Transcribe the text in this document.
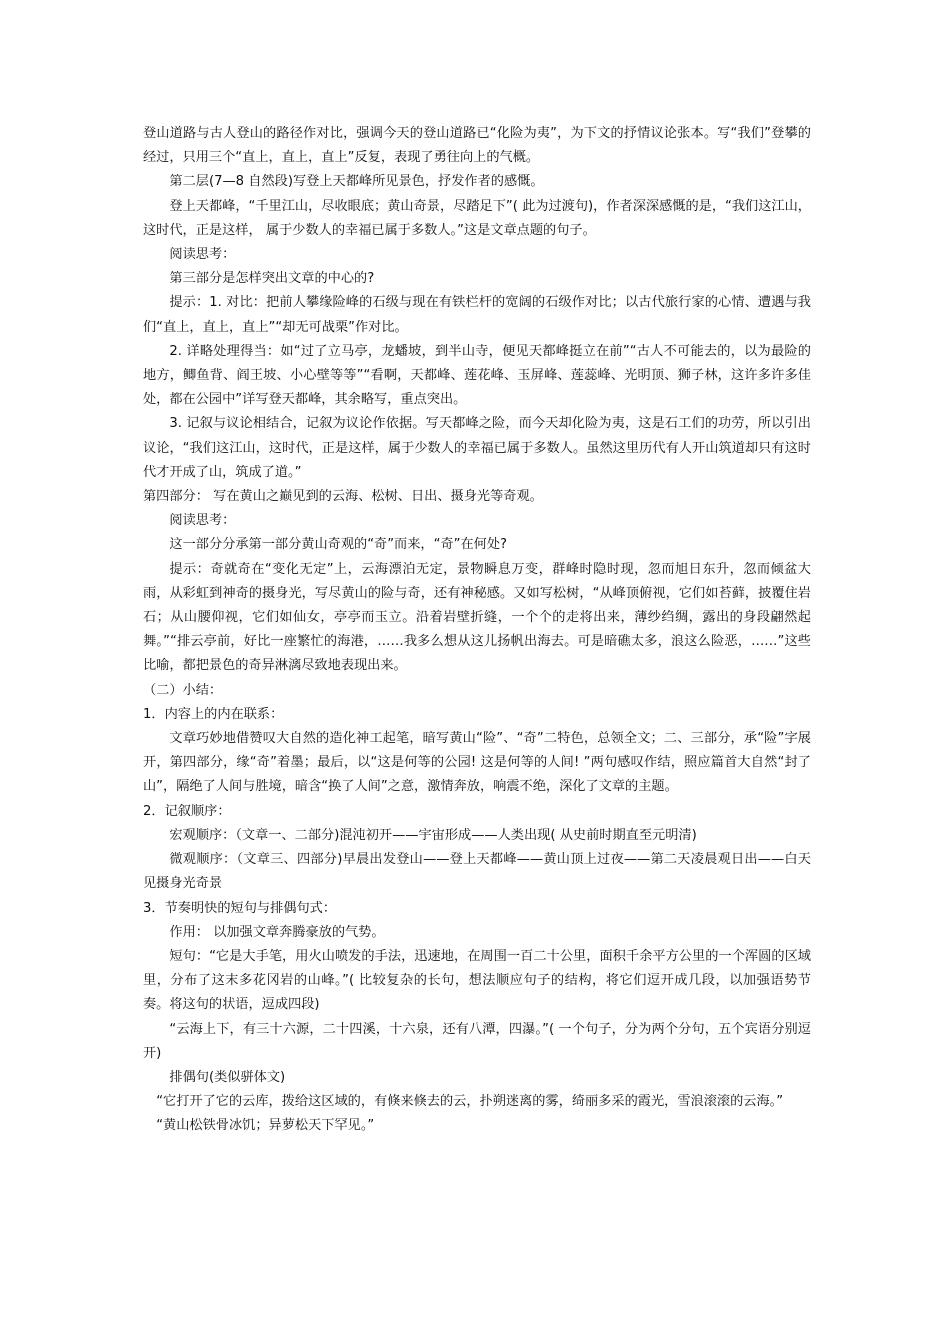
登山道路与古人登山的路径作对比，强调今天的登山道路已“化险为夷”，为下文的抒情议论张本。写“我们”登攀的经过，只用三个“直上，直上，直上”反复，表现了勇往向上的气概。

第二层(7—8 自然段)写登上天都峰所见景色，抒发作者的感慨。

登上天都峰，“千里江山，尽收眼底；黄山奇景，尽踏足下”( 此为过渡句)，作者深深感慨的是，“我们这江山，这时代，正是这样， 属于少数人的幸福已属于多数人。”这是文章点题的句子。

阅读思考：

第三部分是怎样突出文章的中心的?

提示：1. 对比：把前人攀缘险峰的石级与现在有铁栏杆的宽阔的石级作对比；以古代旅行家的心情、遭遇与我们“直上，直上，直上”“却无可战栗”作对比。

2. 详略处理得当：如“过了立马亭，龙蟠坡，到半山寺，便见天都峰挺立在前”“古人不可能去的，以为最险的地方，鲫鱼背、阎王坡、小心壁等等”“看啊，天都峰、莲花峰、玉屏峰、莲蕊峰、光明顶、狮子林，这许多许多佳处，都在公园中”详写登天都峰，其余略写，重点突出。

3. 记叙与议论相结合，记叙为议论作依据。写天都峰之险，而今天却化险为夷，这是石工们的功劳，所以引出议论，“我们这江山，这时代，正是这样，属于少数人的幸福已属于多数人。虽然这里历代有人开山筑道却只有这时代才开成了山，筑成了道。”

第四部分： 写在黄山之巅见到的云海、松树、日出、摄身光等奇观。

阅读思考：

这一部分分承第一部分黄山奇观的“奇”而来，“奇”在何处?

提示：奇就奇在“变化无定”上，云海漂泊无定，景物瞬息万变，群峰时隐时现，忽而旭日东升，忽而倾盆大雨，从彩虹到神奇的摄身光，写尽黄山的险与奇，还有神秘感。又如写松树，“从峰顶俯视，它们如苔藓，披覆住岩石；从山腰仰视，它们如仙女，亭亭而玉立。沿着岩壁折缝，一个个的走将出来，薄纱绉绸，露出的身段翩然起舞。”“排云亭前，好比一座繁忙的海港，……我多么想从这儿扬帆出海去。可是暗礁太多，浪这么险恶，……”这些比喻，都把景色的奇异淋漓尽致地表现出来。

（二）小结：

1．内容上的内在联系：

文章巧妙地借赞叹大自然的造化神工起笔，暗写黄山“险”、“奇”二特色，总领全文；二、三部分，承“险”字展开，第四部分，缘“奇”着墨；最后，以“这是何等的公园! 这是何等的人间! ”两句感叹作结，照应篇首大自然“封了山”，隔绝了人间与胜境，暗含“换了人间”之意，激情奔放，响震不绝，深化了文章的主题。

2．记叙顺序：

宏观顺序：（文章一、二部分)混沌初开——宇宙形成——人类出现( 从史前时期直至元明清)

微观顺序：（文章三、四部分)早晨出发登山——登上天都峰——黄山顶上过夜——第二天凌晨观日出——白天见摄身光奇景

3．节奏明快的短句与排偶句式：

作用： 以加强文章奔腾豪放的气势。

短句：“它是大手笔，用火山喷发的手法，迅速地，在周围一百二十公里，面积千余平方公里的一个浑圆的区域里，分布了这末多花冈岩的山峰。”( 比较复杂的长句，想法顺应句子的结构，将它们逗开成几段，以加强语势节奏。将这句的状语，逗成四段)

“云海上下，有三十六源，二十四溪，十六泉，还有八潭，四瀑。”( 一个句子，分为两个分句，五个宾语分别逗开)

排偶句(类似骈体文)

“它打开了它的云库，拨给这区域的，有倏来倏去的云，扑朔迷离的雾，绮丽多采的霞光，雪浪滚滚的云海。”

“黄山松铁骨冰饥；异萝松天下罕见。”
